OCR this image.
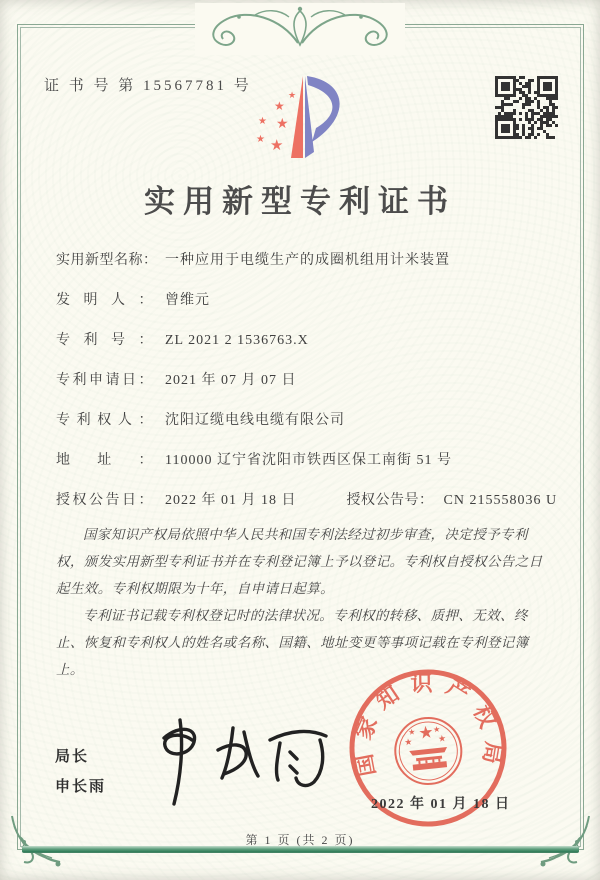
证 书 号 第 15567781 号
★
★
★ ★
★ ★
实用新型专利证书
实用新型名称： 一种应用于电缆生产的成圈机组用计米装置
发明人： 曾维元
专利号： ZL 2021 2 1536763.X
专利申请日： 2021 年 07 月 07 日
专利权人： 沈阳辽缆电线电缆有限公司
地址： 110000 辽宁省沈阳市铁西区保工南街 51 号
授权公告日： 2022 年 01 月 18 日	授权公告号： CN 215558036 U

国家知识产权局依照中华人民共和国专利法经过初步审查，决定授予专利权，颁发实用新型专利证书并在专利登记簿上予以登记。专利权自授权公告之日起生效。专利权期限为十年，自申请日起算。

专利证书记载专利权登记时的法律状况。专利权的转移、质押、无效、终止、恢复和专利权人的姓名或名称、国籍、地址变更等事项记载在专利登记簿上。

局长
申长雨
国家知识产权局
★
★	★
★ ★
2022 年 01 月 18 日
第 1 页 (共 2 页)
